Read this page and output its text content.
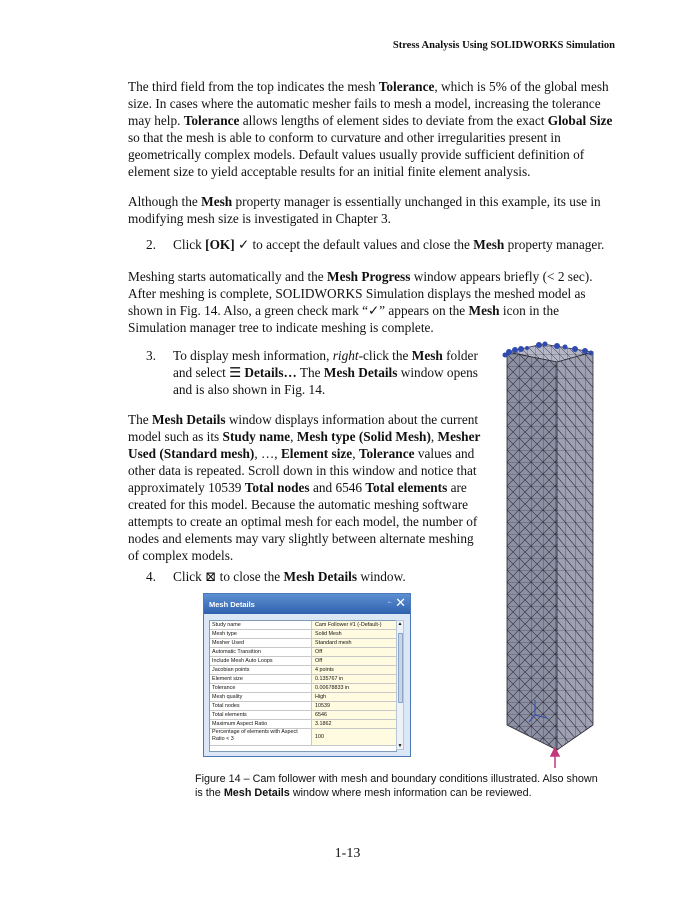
Stress Analysis Using SOLIDWORKS Simulation

The third field from the top indicates the mesh Tolerance, which is 5% of the global mesh size. In cases where the automatic mesher fails to mesh a model, increasing the tolerance may help. Tolerance allows lengths of element sides to deviate from the exact Global Size so that the mesh is able to conform to curvature and other irregularities present in geometrically complex models. Default values usually provide sufficient definition of element size to yield acceptable results for an initial finite element analysis.

Although the Mesh property manager is essentially unchanged in this example, its use in modifying mesh size is investigated in Chapter 3.

2. Click [OK] ✓ to accept the default values and close the Mesh property manager.

Meshing starts automatically and the Mesh Progress window appears briefly (< 2 sec). After meshing is complete, SOLIDWORKS Simulation displays the meshed model as shown in Fig. 14. Also, a green check mark “✓” appears on the Mesh icon in the Simulation manager tree to indicate meshing is complete.

3. To display mesh information, right-click the Mesh folder and select ☰ Details… The Mesh Details window opens and is also shown in Fig. 14.

The Mesh Details window displays information about the current model such as its Study name, Mesh type (Solid Mesh), Mesher Used (Standard mesh), …, Element size, Tolerance values and other data is repeated. Scroll down in this window and notice that approximately 10539 Total nodes and 6546 Total elements are created for this model. Because the automatic meshing software attempts to create an optimal mesh for each model, the number of nodes and elements may vary slightly between alternate meshing of complex models.

4. Click ⊠ to close the Mesh Details window.
Mesh Details	← ✕
Study name	Cam Follower #1 (-Default-)
Mesh type	Solid Mesh
Mesher Used	Standard mesh
Automatic Transition	Off
Include Mesh Auto Loops	Off
Jacobian points	4 points
Element size	0.135767 in
Tolerance	0.00678833 in
Mesh quality	High
Total nodes	10539
Total elements	6546
Maximum Aspect Ratio	3.1862
Percentage of elements with Aspect Ratio < 3	100
▲
▼

Figure 14 – Cam follower with mesh and boundary conditions illustrated. Also shown is the Mesh Details window where mesh information can be reviewed.

1-13
